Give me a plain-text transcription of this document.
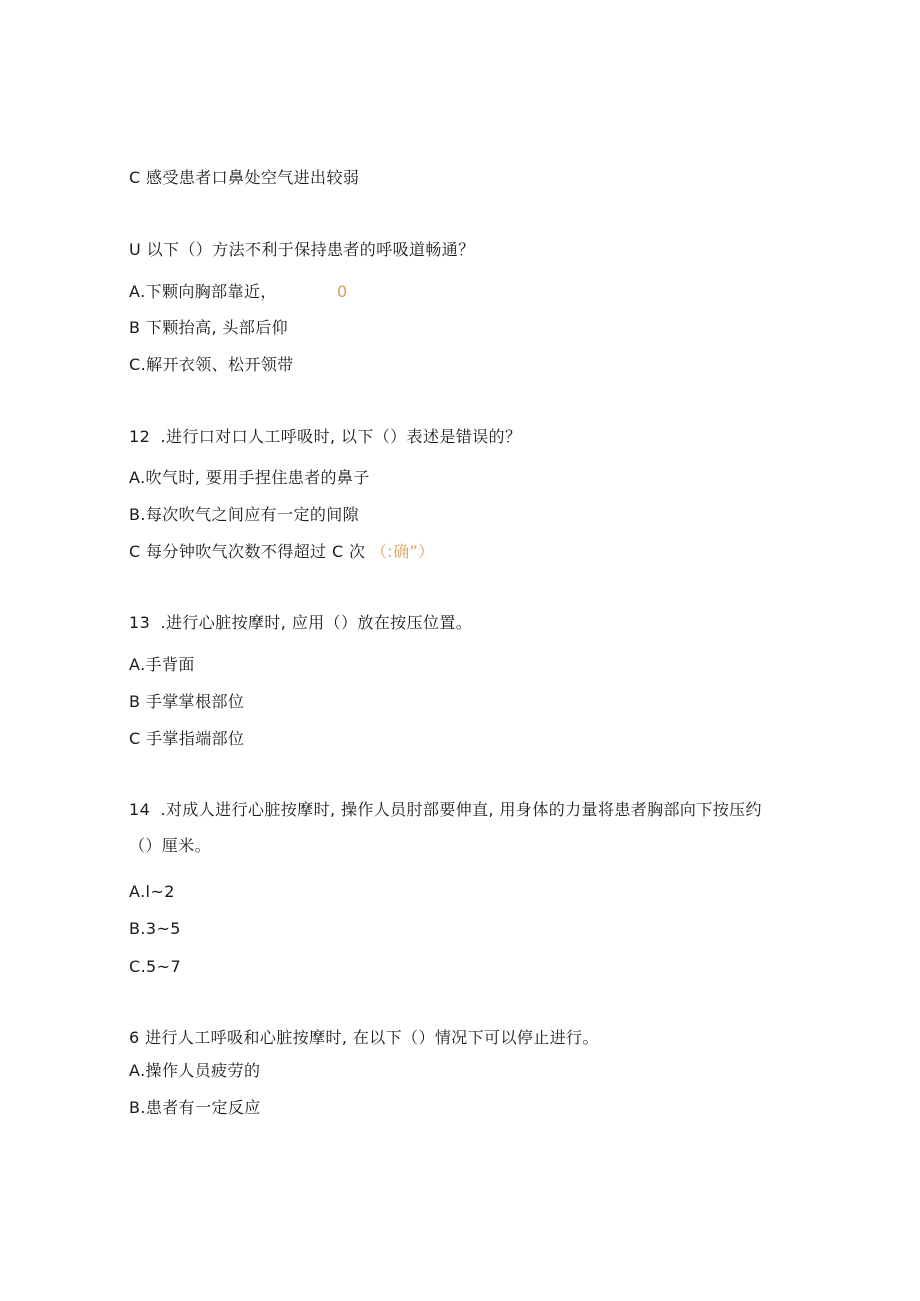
C 感受患者口鼻处空气进出较弱
U 以下（）方法不利于保持患者的呼吸道畅通？
A.下颗向胸部靠近，	0
B 下颗抬高, 头部后仰
C.解开衣领、松开领带
12 .进行口对口人工呼吸时, 以下（）表述是错误的？
A.吹气时, 要用手捏住患者的鼻子
B.每次吹气之间应有一定的间隙
C 每分钟吹气次数不得超过 C 次 （:确”）
13 .进行心脏按摩时, 应用（）放在按压位置。
A.手背面
B 手掌掌根部位
C 手掌指端部位
14 .对成人进行心脏按摩时, 操作人员肘部要伸直, 用身体的力量将患者胸部向下按压约
（）厘米。
A.l~2
B.3~5
C.5~7
6 进行人工呼吸和心脏按摩时, 在以下（）情况下可以停止进行。
A.操作人员疲劳的
B.患者有一定反应
